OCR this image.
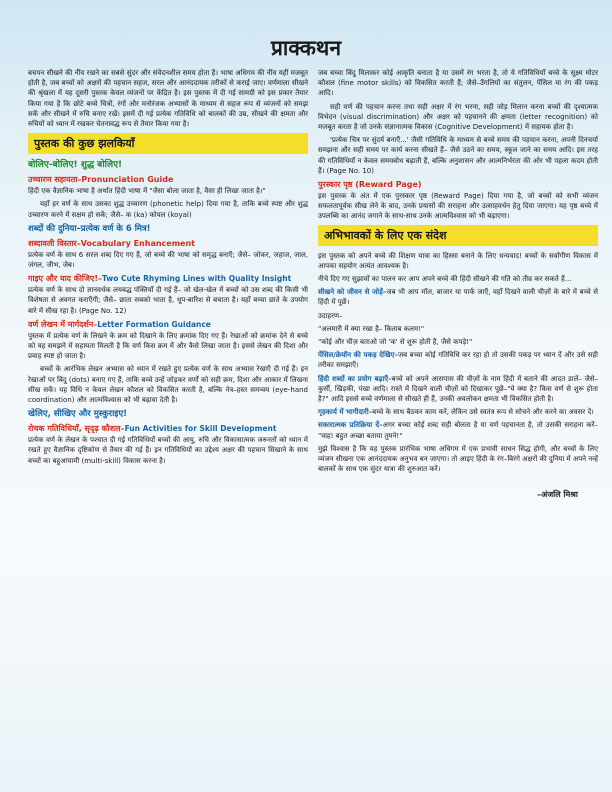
प्राक्कथन

बचपन सीखने की नींव रखने का सबसे सुंदर और संवेदनशील समय होता है। भाषा अधिगम की नींव यहीं मजबूत होती है, जब बच्चों को अक्षरों की पहचान सहज, सरल और आनंददायक तरीकों से कराई जाए। वर्णमाला सीखने की श्रृंखला में यह दूसरी पुस्तक केवल व्यंजनों पर केंद्रित है। इस पुस्तक में दी गई सामग्री को इस प्रकार तैयार किया गया है कि छोटे बच्चे चित्रों, रंगों और मनोरंजक अभ्यासों के माध्यम से सहज रूप से व्यंजनों को समझ सकें और सीखने में रुचि बनाए रखें। इसमें दी गई प्रत्येक गतिविधि को बालकों की उम्र, सीखने की क्षमता और रुचियों को ध्यान में रखकर चेतनावद्ध रूप से तैयार किया गया है।

पुस्तक की कुछ झलकियाँ
बोलिए-बोलिए! शुद्ध बोलिए!
उच्चारण सहायता–Pronunciation Guide

हिंदी एक वैज्ञानिक भाषा है अर्थात हिंदी भाषा में "जैसा बोला जाता है, वैसा ही लिखा जाता है।"

यहाँ हर वर्ण के साथ उसका शुद्ध उच्चारण (phonetic help) दिया गया है, ताकि बच्चे स्पष्ट और शुद्ध उच्चारण करने में सक्षम हो सकें; जैसे– क (ka) कोयल (koyal)

शब्दों की दुनिया–प्रत्येक वर्ण के 6 मित्र!
शब्दावली विस्तार–Vocabulary Enhancement

प्रत्येक वर्ण के साथ 6 सरल शब्द दिए गए हैं, जो बच्चे की भाषा को समृद्ध बनाएँ; जैसे– जोकर, जहाज, जाल, जंगल, जीभ, जेब।

गाइए और याद कीजिए!–Two Cute Rhyming Lines with Quality Insight

प्रत्येक वर्ण के साथ दो ज्ञानवर्धक लयबद्ध पंक्तियाँ दी गई हैं– जो खेल-खेल में बच्चों को उस शब्द की किसी भी विशेषता से अवगत कराएँगी; जैसे– छाता सबको भाता है, धूप-बारिश से बचाता है। यहाँ बच्चा छाते के उपयोग बारे में सीख रहा है। (Page No. 12)

वर्ण लेखन में मार्गदर्शन–Letter Formation Guidance

पुस्तक में प्रत्येक वर्ण के लिखने के क्रम को दिखाने के लिए क्रमांक दिए गए हैं। रेखाओं को क्रमांक देने से बच्चे को यह समझने में सहायता मिलती है कि वर्ण किस क्रम में और कैसे लिखा जाता है। इससे लेखन की दिशा और प्रवाह स्पष्ट हो जाता है।

बच्चों के आरंभिक लेखन अभ्यास को ध्यान में रखते हुए प्रत्येक वर्ण के साथ अभ्यास रेखाएँ दी गई हैं। इन रेखाओं पर बिंदु (dots) बनाए गए हैं, ताकि बच्चे उन्हें जोड़कर वर्णों को सही क्रम, दिशा और आकार में लिखना सीख सकें। यह विधि न केवल लेखन कौशल को विकसित करती है, बल्कि नेत्र–हस्त समन्वय (eye-hand coordination) और आत्मविश्वास को भी बढ़ावा देती है।

खेलिए, सीखिए और मुस्कुराइए!
रोचक गतिविधियाँ, सृदृढ़ कौशल–Fun Activities for Skill Development

प्रत्येक वर्ण के लेखन के पश्चात दी गई गतिविधियाँ बच्चों की आयु, रुचि और विकासात्मक जरूरतों को ध्यान में रखते हुए वैज्ञानिक दृष्टिकोण से तैयार की गई हैं। इन गतिविधियों का उद्देश्य अक्षर की पहचान सिखाने के साथ बच्चों का बहुआयामी (multi-skill) विकास करना है।

जब बच्चा बिंदु मिलाकर कोई आकृति बनाता है या उसमें रंग भरता है, तो ये गतिविधियाँ बच्चे के सूक्ष्म मोटर कौशल (fine motor skills) को विकसित करती हैं; जैसे–उँगलियों का संतुलन, पेंसिल या रंग की पकड़ आदि।

सही वर्ण की पहचान करना तथा सही अक्षर में रंग भरना, सही जोड़ मिलान करना बच्चों की दृश्यात्मक विभेदन (visual discrimination) और अक्षर को पहचानने की क्षमता (letter recognition) को मजबूत करता है जो उनके संज्ञानात्मक विकास (Cognitive Development) में सहायक होता है।

'प्रत्येक चित्र पर सुंदर्य बनाएँ...' जैसी गतिविधि के माध्यम से बच्चे समय की पहचान करना, अपनी दिनचर्या समझना और सही समय पर कार्य करना सीखते हैं– जैसे उठने का समय, स्कूल जाने का समय आदि। इस तरह की गतिविधियाँ न केवल समयबोध बढ़ाती हैं, बल्कि अनुशासन और आत्मनिर्भरता की ओर भी पहला कदम होती हैं। (Page No. 10)

पुरस्कार पृष्ठ (Reward Page)

इस पुस्तक के अंत में एक पुरस्कार पृष्ठ (Reward Page) दिया गया है, जो बच्चों को सभी व्यंजन सफलतापूर्वक सीख लेने के बाद, उनके प्रयासों की सराहना और उत्साहवर्धन हेतु दिया जाएगा। यह पृष्ठ बच्चे में उपलब्धि का आनंद जगाने के साथ-साथ उनके आत्मविश्वास को भी बढ़ाएगा।

अभिभावकों के लिए एक संदेश

इस पुस्तक को अपने बच्चे की शिक्षण यात्रा का हिस्सा बनाने के लिए धन्यवाद! बच्चों के सर्वांगीण विकास में आपका सहयोग अत्यंत आवश्यक है।

नीचे दिए गए सुझावों का पालन कर आप अपने बच्चे की हिंदी सीखने की गति को तीव्र कर सकते हैं...

सीखने को जीवन से जोड़ें–जब भी आप मॉल, बाजार या पार्क जाएँ, वहाँ दिखने वाली चीज़ों के बारे में बच्चे से हिंदी में पूछें।

उदाहरण–

"अलमारी में क्या रखा है– किताब कलम!"

"कोई और चीज़ बताओ जो 'क' से शुरू होती है, जैसे कपड़े!"

पेंसिल/क्रेयॉन की पकड़ देखिए–जब बच्चा कोई गतिविधि कर रहा हो तो उसकी पकड़ पर ध्यान दें और उसे सही तरीका समझाएँ।

हिंदी शब्दों का प्रयोग बढ़ाएँ–बच्चे को अपने आसपास की चीज़ों के नाम हिंदी में बताने की आदत डालें– जैसे–कुर्सी, खिड़की, पंखा आदि। रास्ते में दिखने वाली चीज़ों को दिखाकर पूछें–"ये क्या है? किस वर्ण से शुरू होता है?" आदि इससे बच्चे वर्णमाला से सीखते ही हैं, उनकी अवलोकन क्षमता भी विकसित होती है।

गृहकार्य में भागीदारी–बच्चे के साथ बैठकर काम करें, लेकिन उसे स्वतंत्र रूप से सोचने और करने का अवसर दें।

सकारात्मक प्रतिक्रिया दें–अगर बच्चा कोई शब्द सही बोलता है या वर्ण पहचानता है, तो उसकी सराहना करें– "वाह! बहुत अच्छा बताया तुमने!"

मुझे विश्वास है कि यह पुस्तक प्रारंभिक भाषा अधिगम में एक प्रभावी साधन सिद्ध होगी, और बच्चों के लिए व्यंजन सीखना एक आनंददायक अनुभव बन जाएगा। तो आइए हिंदी के रंग–बिरंगे अक्षरों की दुनिया में अपने नन्हें बालकों के साथ एक सुंदर यात्रा की शुरुआत करें।

–अंजलि मिश्रा
